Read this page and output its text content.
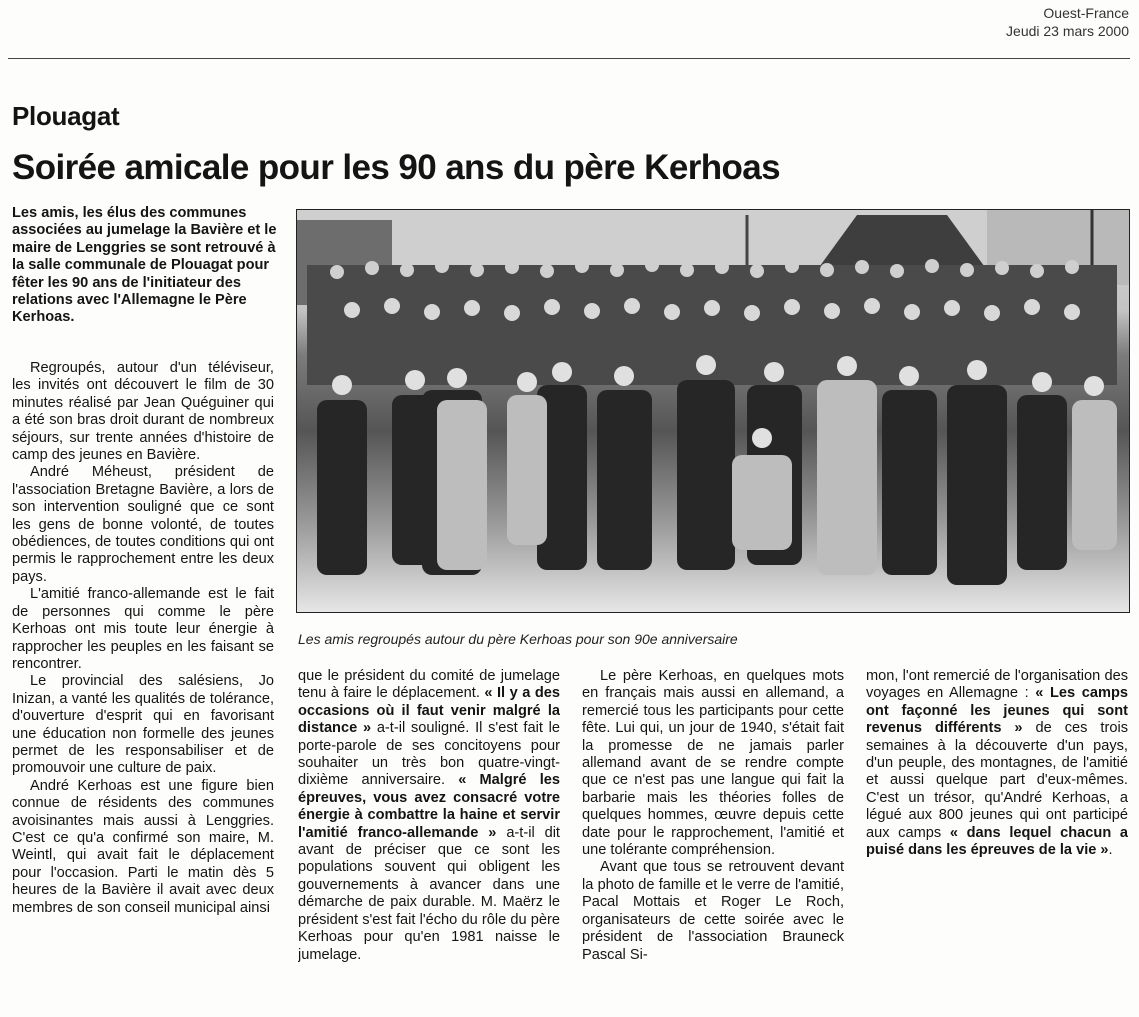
Ouest-France
Jeudi 23 mars 2000
Plouagat
Soirée amicale pour les 90 ans du père Kerhoas
Les amis, les élus des communes associées au jumelage la Bavière et le maire de Lenggries se sont retrouvé à la salle communale de Plouagat pour fêter les 90 ans de l'initiateur des relations avec l'Allemagne le Père Kerhoas.
Les amis regroupés autour du père Kerhoas pour son 90e anniversaire

Regroupés, autour d'un téléviseur, les invités ont découvert le film de 30 minutes réalisé par Jean Quéguiner qui a été son bras droit durant de nombreux séjours, sur trente années d'histoire de camp des jeunes en Bavière.

André Méheust, président de l'association Bretagne Bavière, a lors de son intervention souligné que ce sont les gens de bonne volonté, de toutes obédiences, de toutes conditions qui ont permis le rapprochement entre les deux pays.

L'amitié franco-allemande est le fait de personnes qui comme le père Kerhoas ont mis toute leur énergie à rapprocher les peuples en les faisant se rencontrer.

Le provincial des salésiens, Jo Inizan, a vanté les qualités de tolérance, d'ouverture d'esprit qui en favorisant une éducation non formelle des jeunes permet de les responsabiliser et de promouvoir une culture de paix.

André Kerhoas est une figure bien connue de résidents des communes avoisinantes mais aussi à Lenggries. C'est ce qu'a confirmé son maire, M. Weintl, qui avait fait le déplacement pour l'occasion. Parti le matin dès 5 heures de la Bavière il avait avec deux membres de son conseil municipal ainsi

que le président du comité de jumelage tenu à faire le déplacement. « Il y a des occasions où il faut venir malgré la distance » a-t-il souligné. Il s'est fait le porte-parole de ses concitoyens pour souhaiter un très bon quatre-vingt-dixième anniversaire. « Malgré les épreuves, vous avez consacré votre énergie à combattre la haine et servir l'amitié franco-allemande » a-t-il dit avant de préciser que ce sont les populations souvent qui obligent les gouvernements à avancer dans une démarche de paix durable. M. Maërz le président s'est fait l'écho du rôle du père Kerhoas pour qu'en 1981 naisse le jumelage.

Le père Kerhoas, en quelques mots en français mais aussi en allemand, a remercié tous les participants pour cette fête. Lui qui, un jour de 1940, s'était fait la promesse de ne jamais parler allemand avant de se rendre compte que ce n'est pas une langue qui fait la barbarie mais les théories folles de quelques hommes, œuvre depuis cette date pour le rapprochement, l'amitié et une tolérante compréhension.

Avant que tous se retrouvent devant la photo de famille et le verre de l'amitié, Pacal Mottais et Roger Le Roch, organisateurs de cette soirée avec le président de l'association Brauneck Pascal Si-

mon, l'ont remercié de l'organisation des voyages en Allemagne : « Les camps ont façonné les jeunes qui sont revenus différents » de ces trois semaines à la découverte d'un pays, d'un peuple, des montagnes, de l'amitié et aussi quelque part d'eux-mêmes. C'est un trésor, qu'André Kerhoas, a légué aux 800 jeunes qui ont participé aux camps « dans lequel chacun a puisé dans les épreuves de la vie ».
